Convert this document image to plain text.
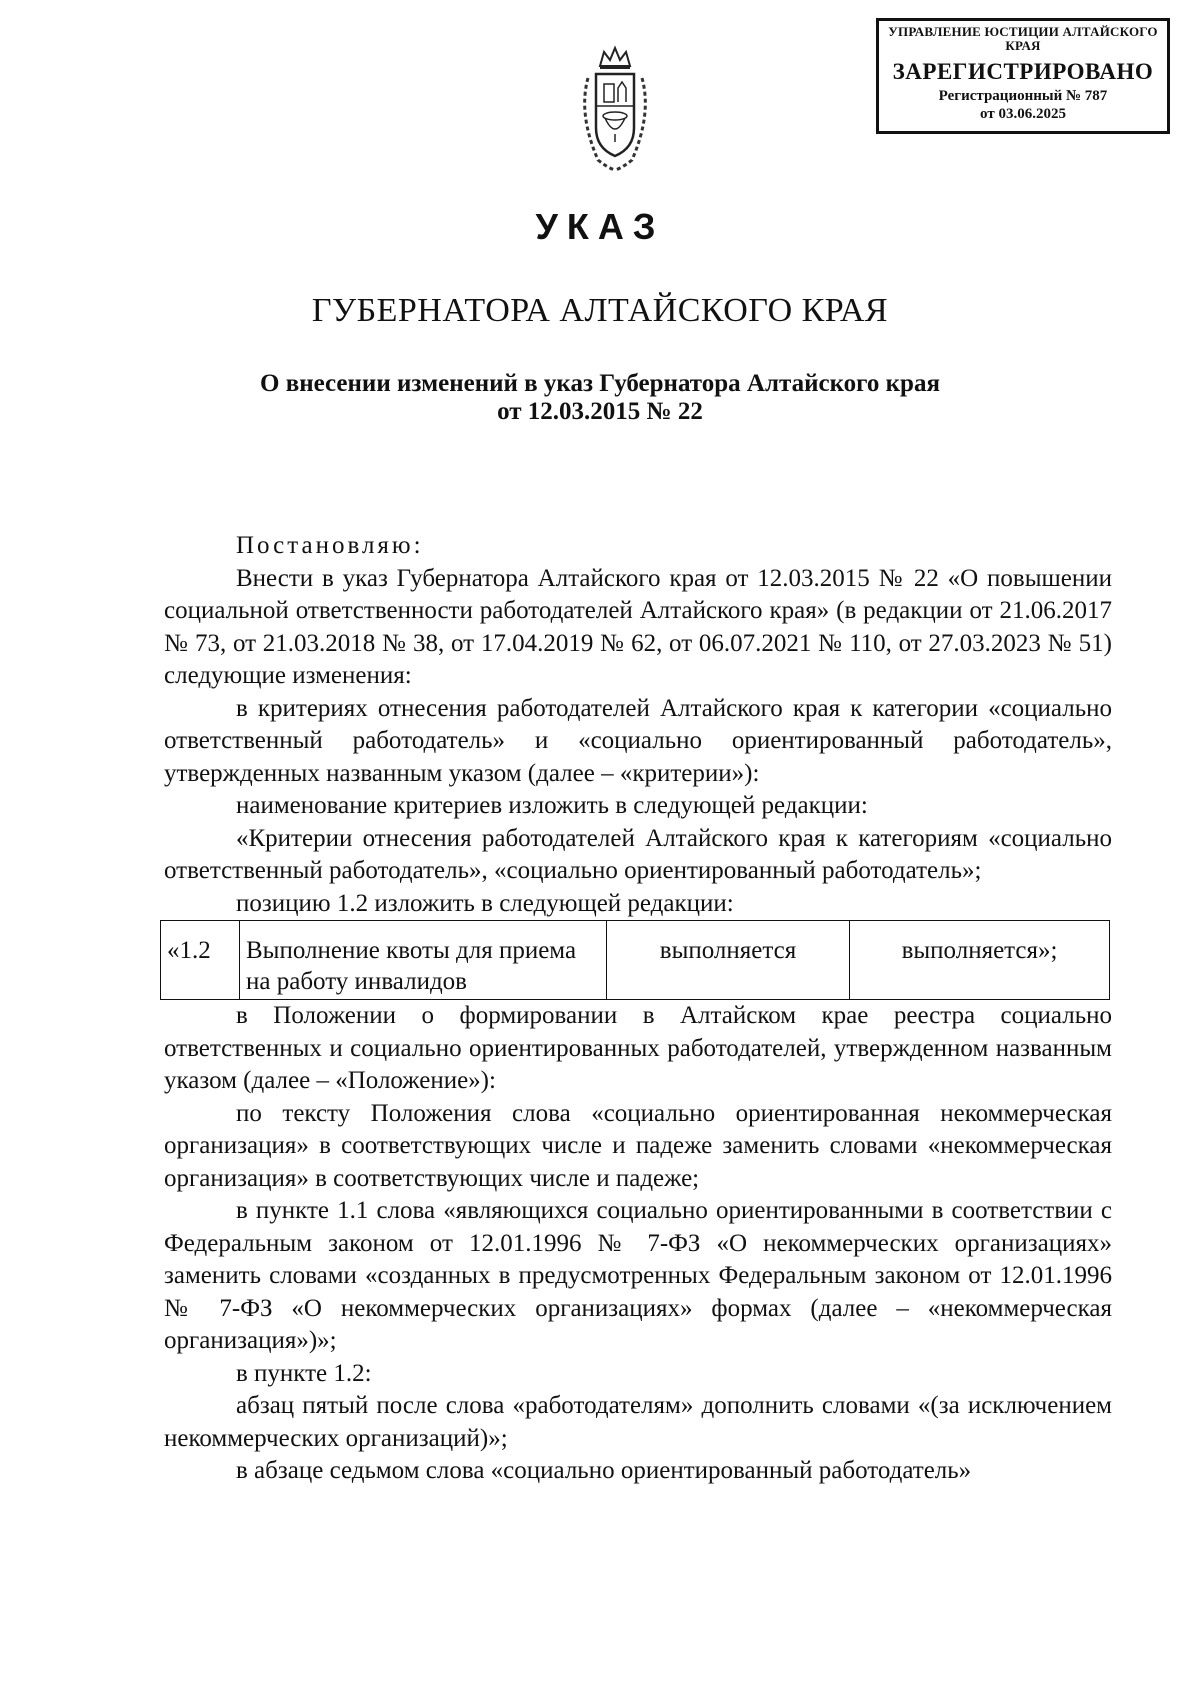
УПРАВЛЕНИЕ ЮСТИЦИИ АЛТАЙСКОГО КРАЯ
ЗАРЕГИСТРИРОВАНО
Регистрационный № 787
от 03.06.2025
УКАЗ
ГУБЕРНАТОРА АЛТАЙСКОГО КРАЯ
О внесении изменений в указ Губернатора Алтайского края
от 12.03.2015 № 22

Постановляю:

Внести в указ Губернатора Алтайского края от 12.03.2015 № 22 «О повышении социальной ответственности работодателей Алтайского края» (в редакции от 21.06.2017 № 73, от 21.03.2018 № 38, от 17.04.2019 № 62, от 06.07.2021 № 110, от 27.03.2023 № 51) следующие изменения:

в критериях отнесения работодателей Алтайского края к категории «социально ответственный работодатель» и «социально ориентированный работодатель», утвержденных названным указом (далее – «критерии»):

наименование критериев изложить в следующей редакции:

«Критерии отнесения работодателей Алтайского края к категориям «социально ответственный работодатель», «социально ориентированный работодатель»;

позицию 1.2 изложить в следующей редакции:

«1.2	Выполнение квоты для приема на работу инвалидов	выполняется	выполняется»;

в Положении о формировании в Алтайском крае реестра социально ответственных и социально ориентированных работодателей, утвержденном названным указом (далее – «Положение»):

по тексту Положения слова «социально ориентированная некоммерческая организация» в соответствующих числе и падеже заменить словами «некоммерческая организация» в соответствующих числе и падеже;

в пункте 1.1 слова «являющихся социально ориентированными в соответствии с Федеральным законом от 12.01.1996 № 7-ФЗ «О некоммерческих организациях» заменить словами «созданных в предусмотренных Федеральным законом от 12.01.1996 № 7-ФЗ «О некоммерческих организациях» формах (далее – «некоммерческая организация»)»;

в пункте 1.2:

абзац пятый после слова «работодателям» дополнить словами «(за исключением некоммерческих организаций)»;

в абзаце седьмом слова «социально ориентированный работодатель»
